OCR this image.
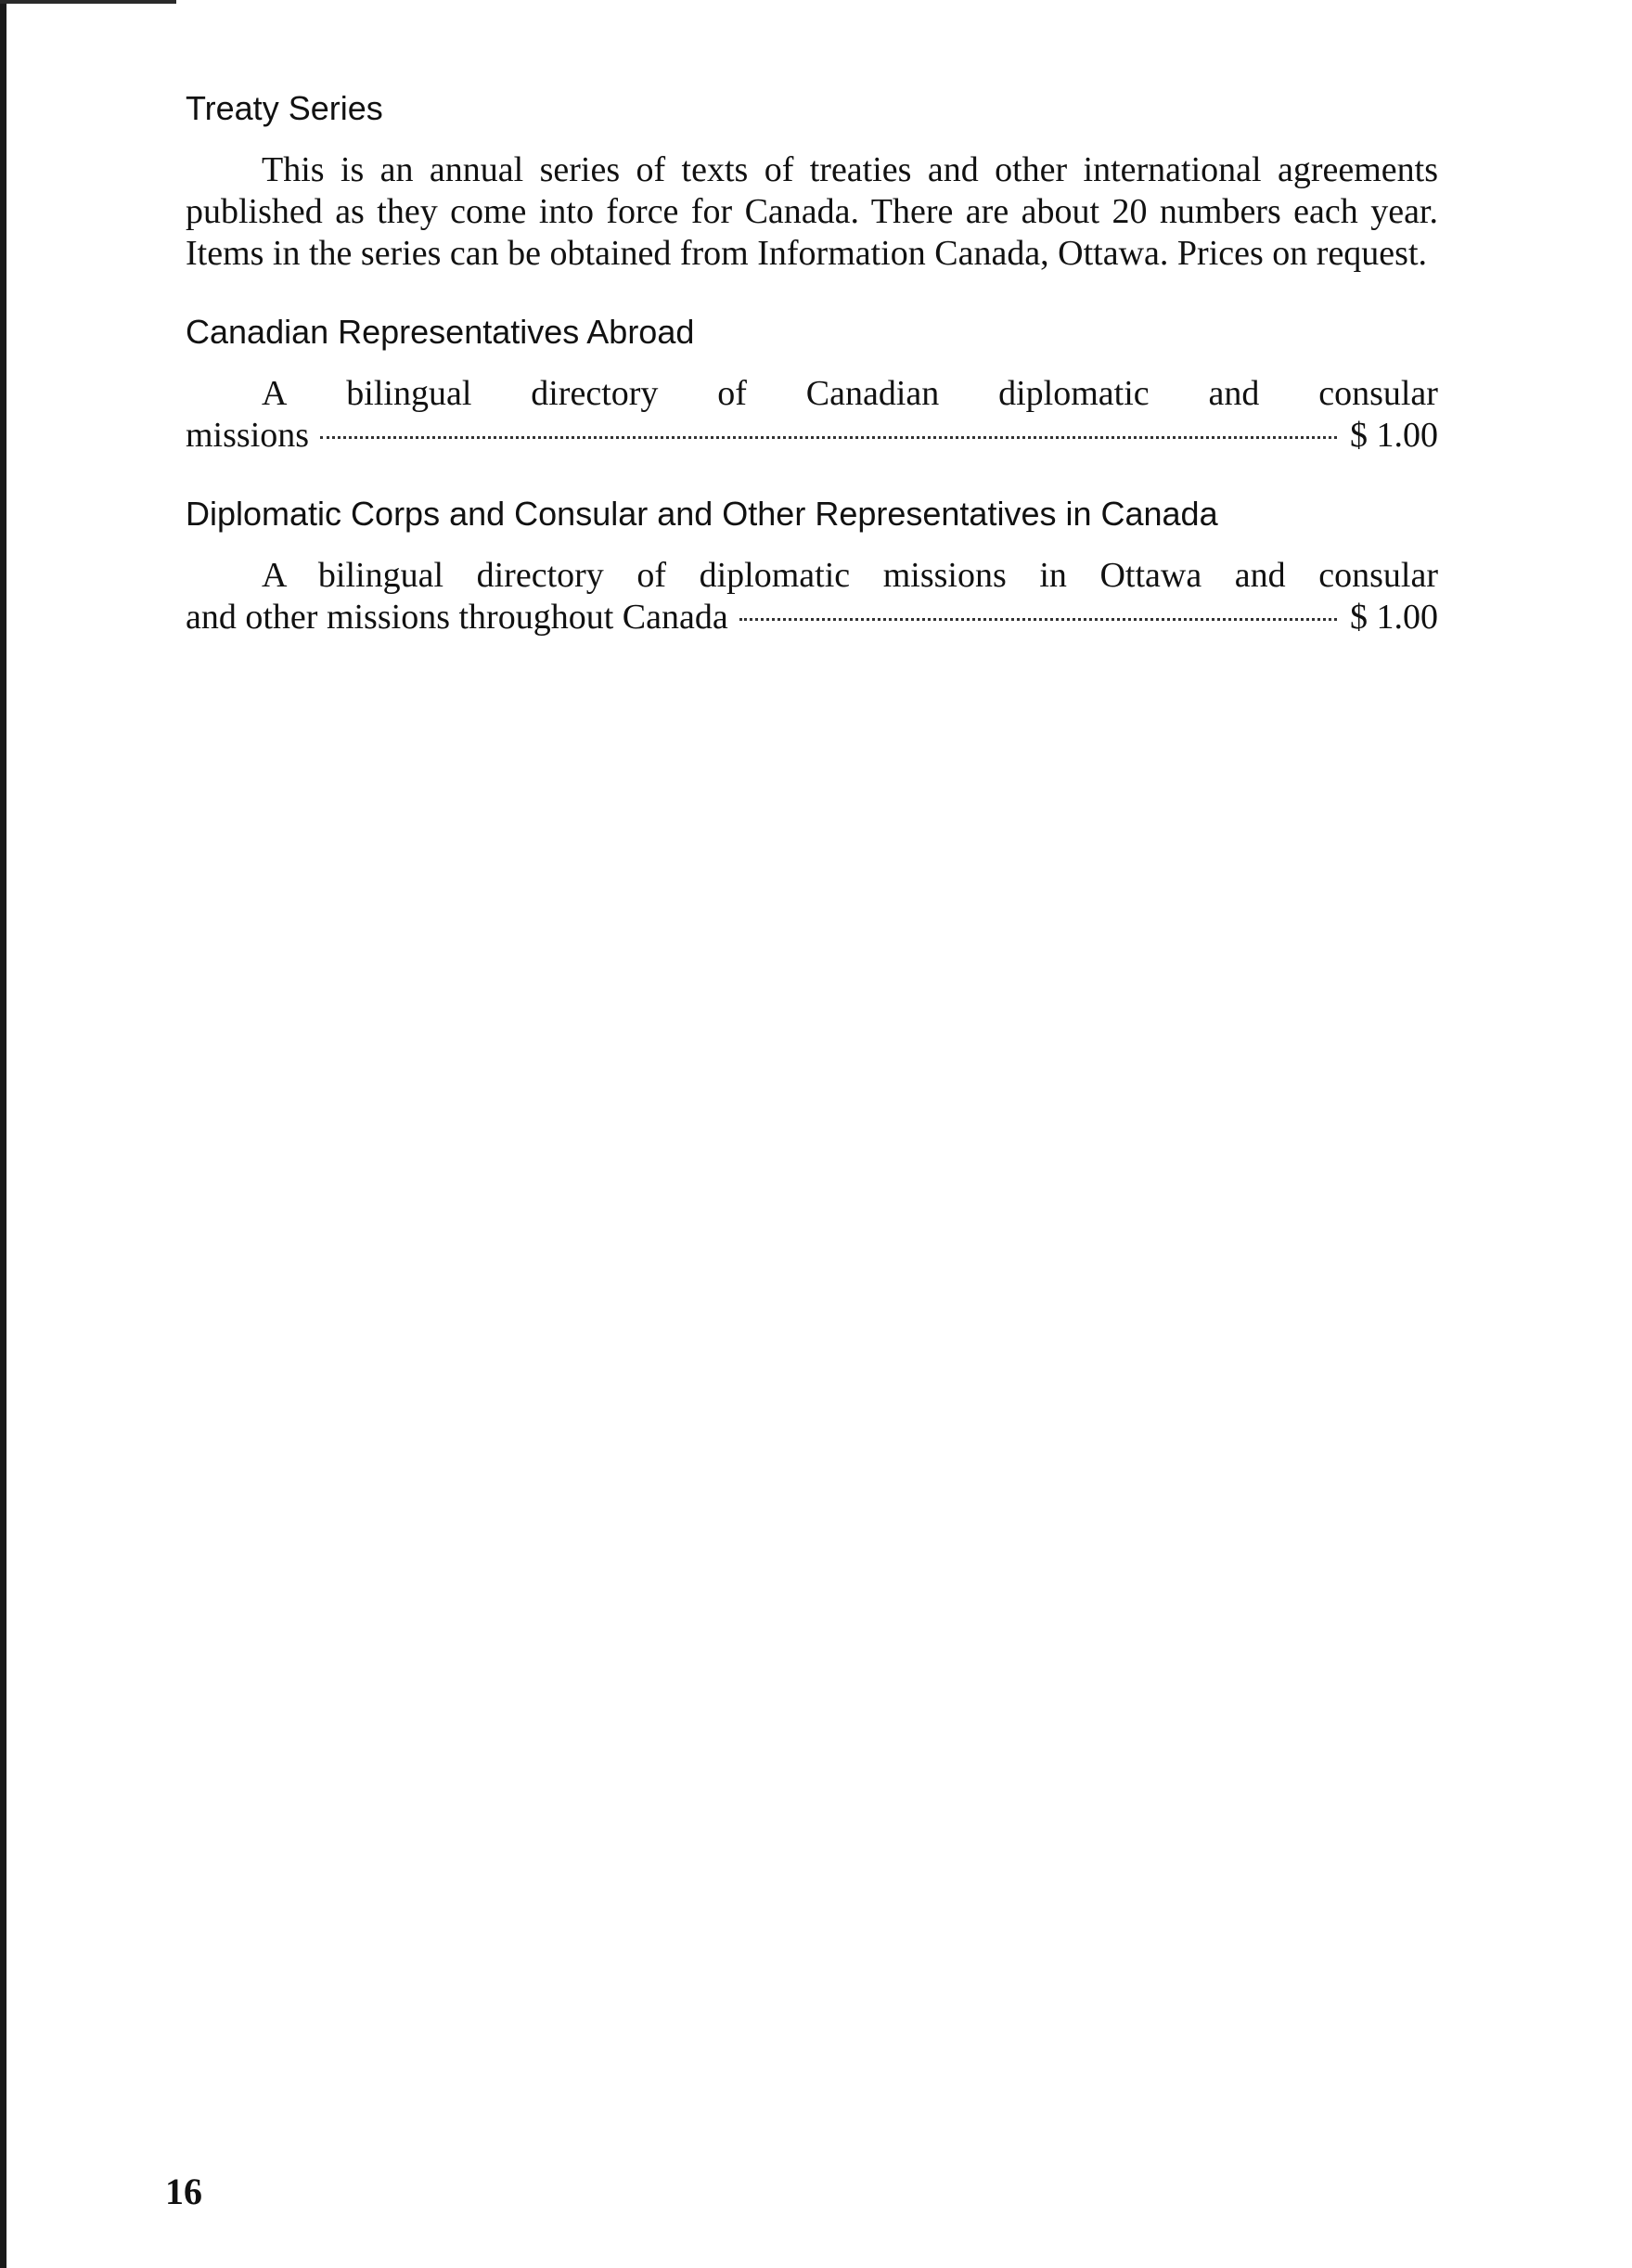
Treaty Series

This is an annual series of texts of treaties and other international agreements published as they come into force for Canada. There are about 20 numbers each year. Items in the series can be obtained from Information Canada, Ottawa. Prices on request.

Canadian Representatives Abroad
A bilingual directory of Canadian diplomatic and consular
missions	$ 1.00
Diplomatic Corps and Consular and Other Representatives in Canada
A bilingual directory of diplomatic missions in Ottawa and consular
and other missions throughout Canada	$ 1.00
16
